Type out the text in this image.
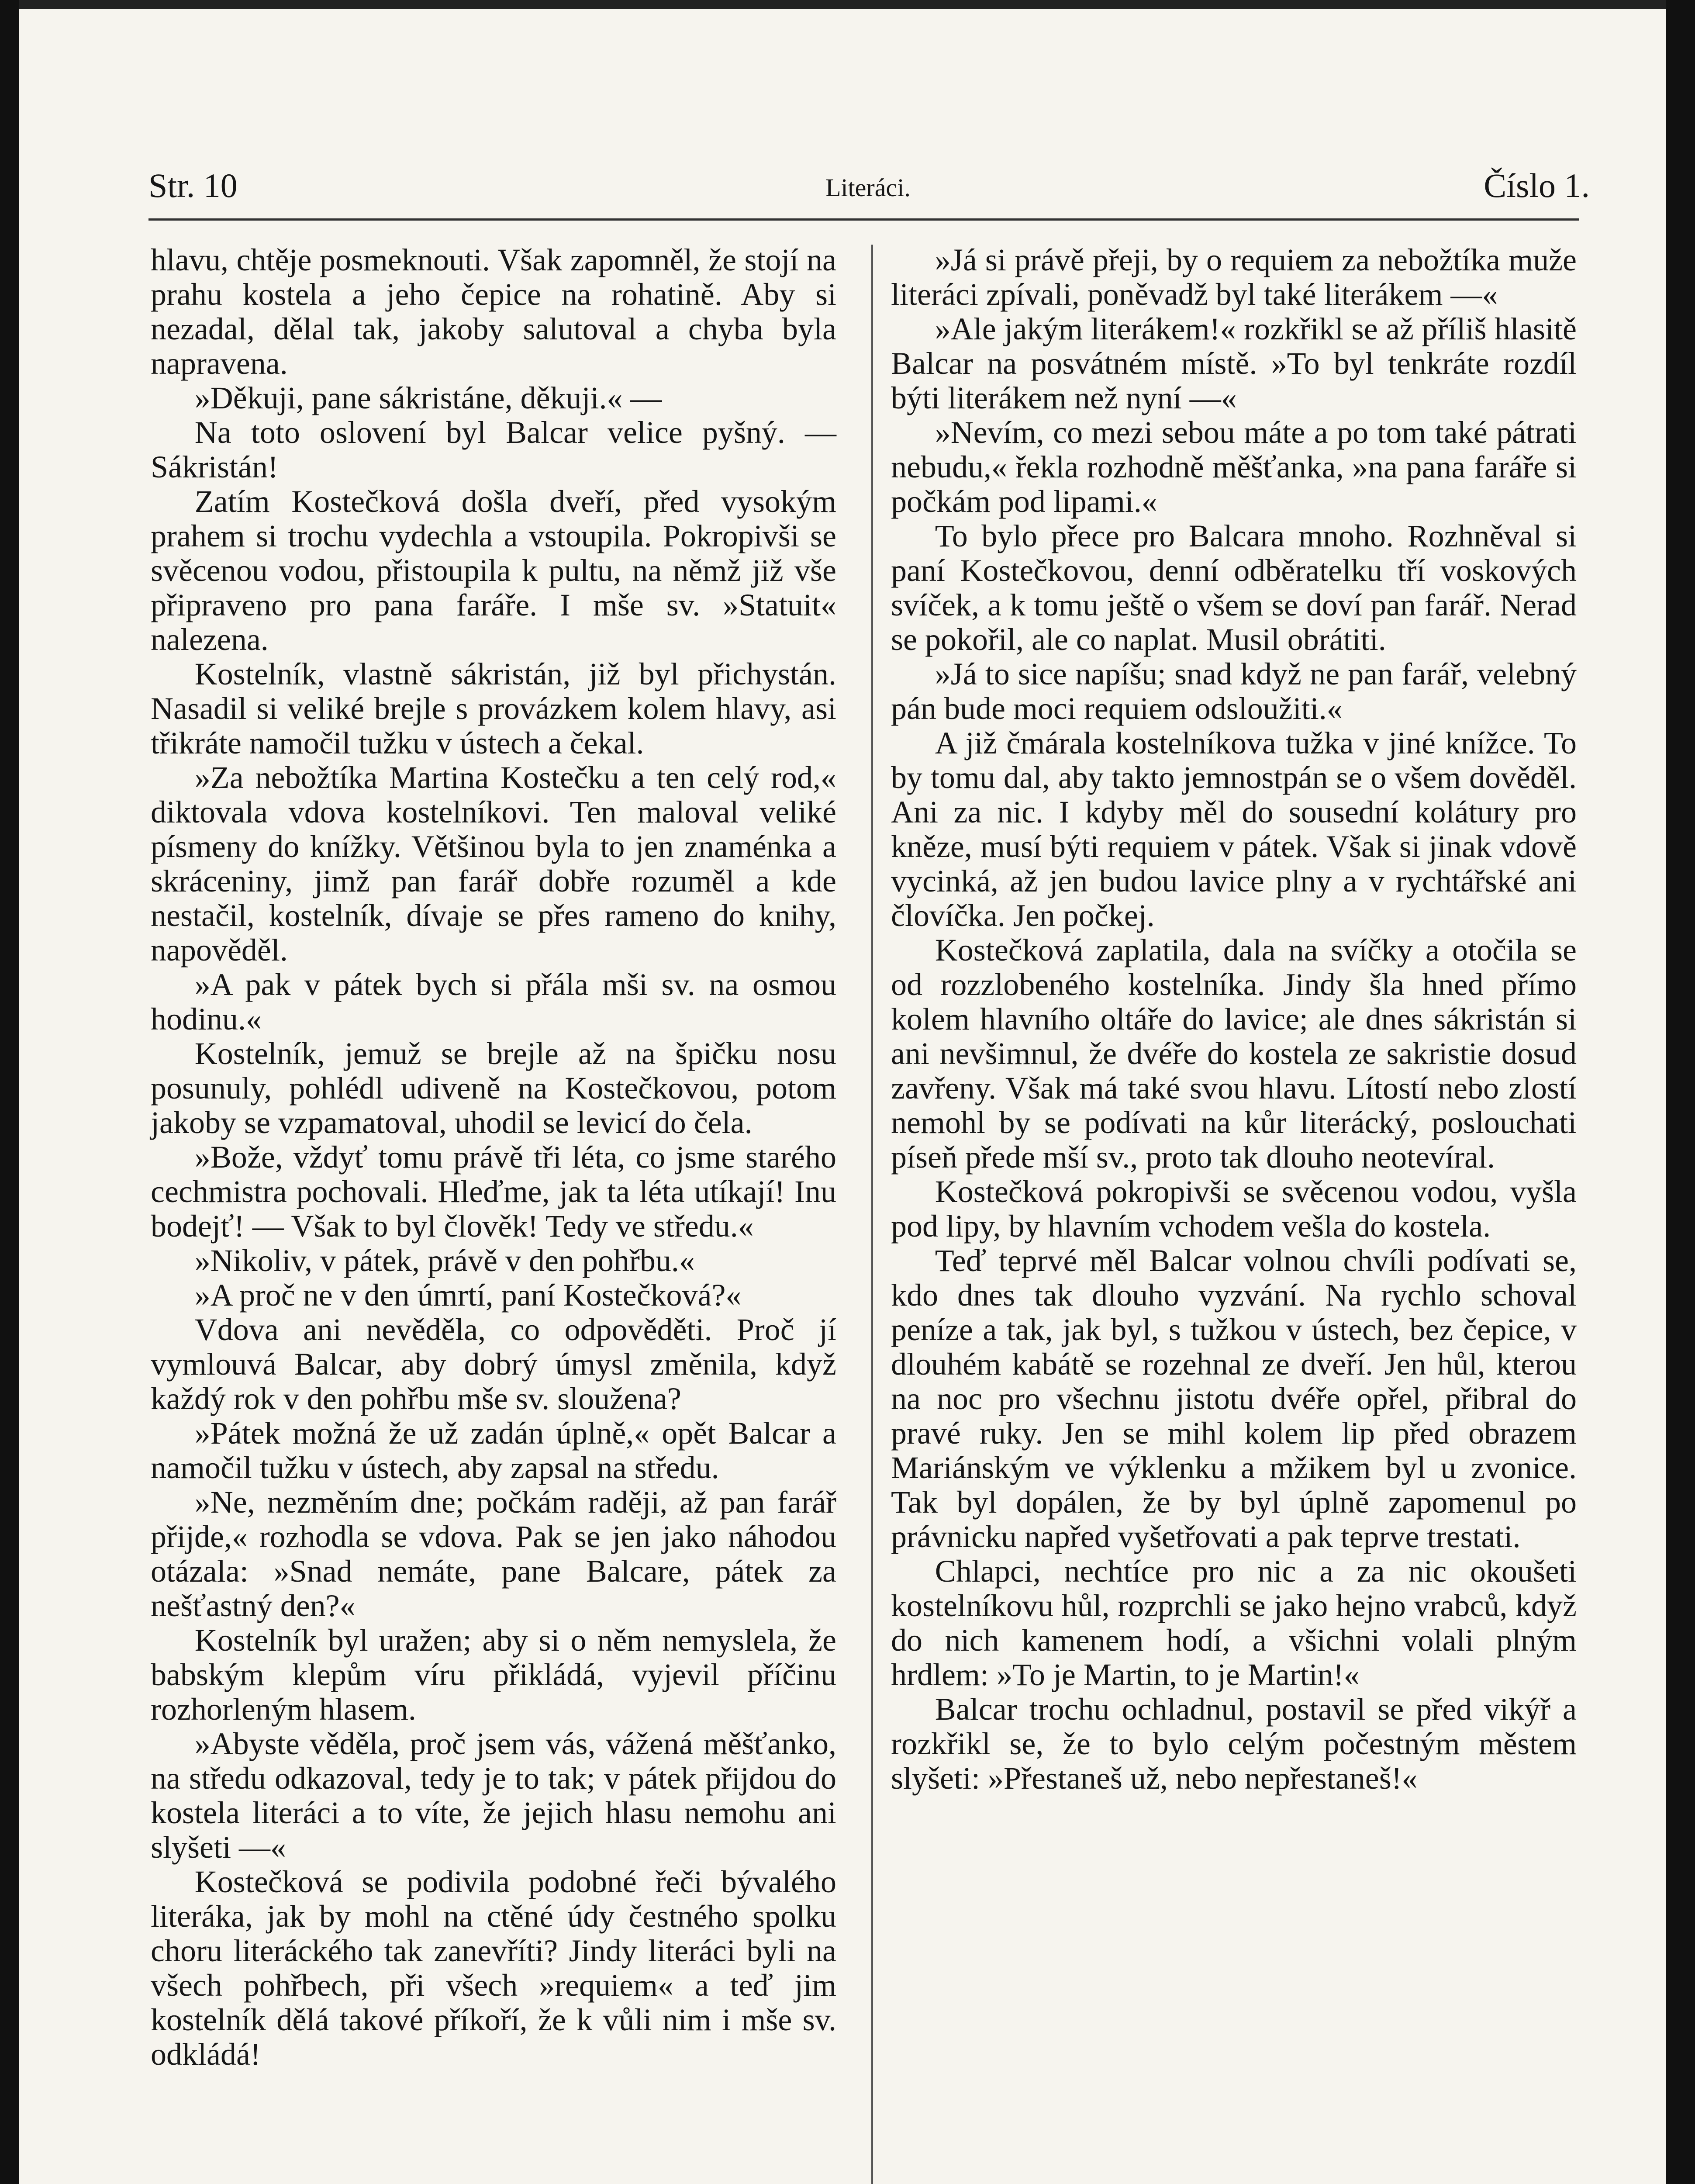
Str. 10	Literáci.	Číslo 1.

hlavu, chtěje posmeknouti. Však zapomněl, že stojí na prahu kostela a jeho čepice na rohatině. Aby si nezadal, dělal tak, jakoby salutoval a chyba byla napravena.

»Děkuji, pane sákristáne, děkuji.« —

Na toto oslovení byl Balcar velice pyšný. — Sákristán!

Zatím Kostečková došla dveří, před vysokým prahem si trochu vydechla a vstoupila. Pokropivši se svěcenou vodou, přistoupila k pultu, na němž již vše připraveno pro pana faráře. I mše sv. »Statuit« nalezena.

Kostelník, vlastně sákristán, již byl přichystán. Nasadil si veliké brejle s provázkem kolem hlavy, asi třikráte namočil tužku v ústech a čekal.

»Za nebožtíka Martina Kostečku a ten celý rod,« diktovala vdova kostelníkovi. Ten maloval veliké písmeny do knížky. Většinou byla to jen znaménka a skráceniny, jimž pan farář dobře rozuměl a kde nestačil, kostelník, dívaje se přes rameno do knihy, napověděl.

»A pak v pátek bych si přála mši sv. na osmou hodinu.«

Kostelník, jemuž se brejle až na špičku nosu posunuly, pohlédl udiveně na Kostečkovou, potom jakoby se vzpamatoval, uhodil se levicí do čela.

»Bože, vždyť tomu právě tři léta, co jsme starého cechmistra pochovali. Hleďme, jak ta léta utíkají! Inu bodejť! — Však to byl člověk! Tedy ve středu.«

»Nikoliv, v pátek, právě v den pohřbu.«

»A proč ne v den úmrtí, paní Kostečková?«

Vdova ani nevěděla, co odpověděti. Proč jí vymlouvá Balcar, aby dobrý úmysl změnila, když každý rok v den pohřbu mše sv. sloužena?

»Pátek možná že už zadán úplně,« opět Balcar a namočil tužku v ústech, aby zapsal na středu.

»Ne, nezměním dne; počkám raději, až pan farář přijde,« rozhodla se vdova. Pak se jen jako náhodou otázala: »Snad nemáte, pane Balcare, pátek za nešťastný den?«

Kostelník byl uražen; aby si o něm nemyslela, že babským klepům víru přikládá, vyjevil příčinu rozhorleným hlasem.

»Abyste věděla, proč jsem vás, vážená měšťanko, na středu odkazoval, tedy je to tak; v pátek přijdou do kostela literáci a to víte, že jejich hlasu nemohu ani slyšeti —«

Kostečková se podivila podobné řeči bývalého literáka, jak by mohl na ctěné údy čestného spolku choru literáckého tak zanevříti? Jindy literáci byli na všech pohřbech, při všech »requiem« a teď jim kostelník dělá takové příkoří, že k vůli nim i mše sv. odkládá!

»Já si právě přeji, by o requiem za nebožtíka muže literáci zpívali, poněvadž byl také literákem —«

»Ale jakým literákem!« rozkřikl se až příliš hlasitě Balcar na posvátném místě. »To byl tenkráte rozdíl býti literákem než nyní —«

»Nevím, co mezi sebou máte a po tom také pátrati nebudu,« řekla rozhodně měšťanka, »na pana faráře si počkám pod lipami.«

To bylo přece pro Balcara mnoho. Rozhněval si paní Kostečkovou, denní odběratelku tří voskových svíček, a k tomu ještě o všem se doví pan farář. Nerad se pokořil, ale co naplat. Musil obrátiti.

»Já to sice napíšu; snad když ne pan farář, velebný pán bude moci requiem odsloužiti.«

A již čmárala kostelníkova tužka v jiné knížce. To by tomu dal, aby takto jemnostpán se o všem dověděl. Ani za nic. I kdyby měl do sousední kolátury pro kněze, musí býti requiem v pátek. Však si jinak vdově vycinká, až jen budou lavice plny a v rychtářské ani človíčka. Jen počkej.

Kostečková zaplatila, dala na svíčky a otočila se od rozzlobeného kostelníka. Jindy šla hned přímo kolem hlavního oltáře do lavice; ale dnes sákristán si ani nevšimnul, že dvéře do kostela ze sakristie dosud zavřeny. Však má také svou hlavu. Lítostí nebo zlostí nemohl by se podívati na kůr literácký, poslouchati píseň předе mší sv., proto tak dlouho neotevíral.

Kostečková pokropivši se svěcenou vodou, vyšla pod lipy, by hlavním vchodem vešla do kostela.

Teď teprvé měl Balcar volnou chvíli podívati se, kdo dnes tak dlouho vyzvání. Na rychlo schoval peníze a tak, jak byl, s tužkou v ústech, bez čepice, v dlouhém kabátě se rozehnal ze dveří. Jen hůl, kterou na noc pro všechnu jistotu dvéře opřel, přibral do pravé ruky. Jen se mihl kolem lip před obrazem Mariánským ve výklenku a mžikem byl u zvonice. Tak byl dopálen, že by byl úplně zapomenul po právnicku napřed vyšetřovati a pak teprve trestati.

Chlapci, nechtíce pro nic a za nic okoušeti kostelníkovu hůl, rozprchli se jako hejno vrabců, když do nich kamenem hodí, a všichni volali plným hrdlem: »To je Martin, to je Martin!«

Balcar trochu ochladnul, postavil se před vikýř a rozkřikl se, že to bylo celým počestným městem slyšeti: »Přestaneš už, nebo nepřestaneš!«
